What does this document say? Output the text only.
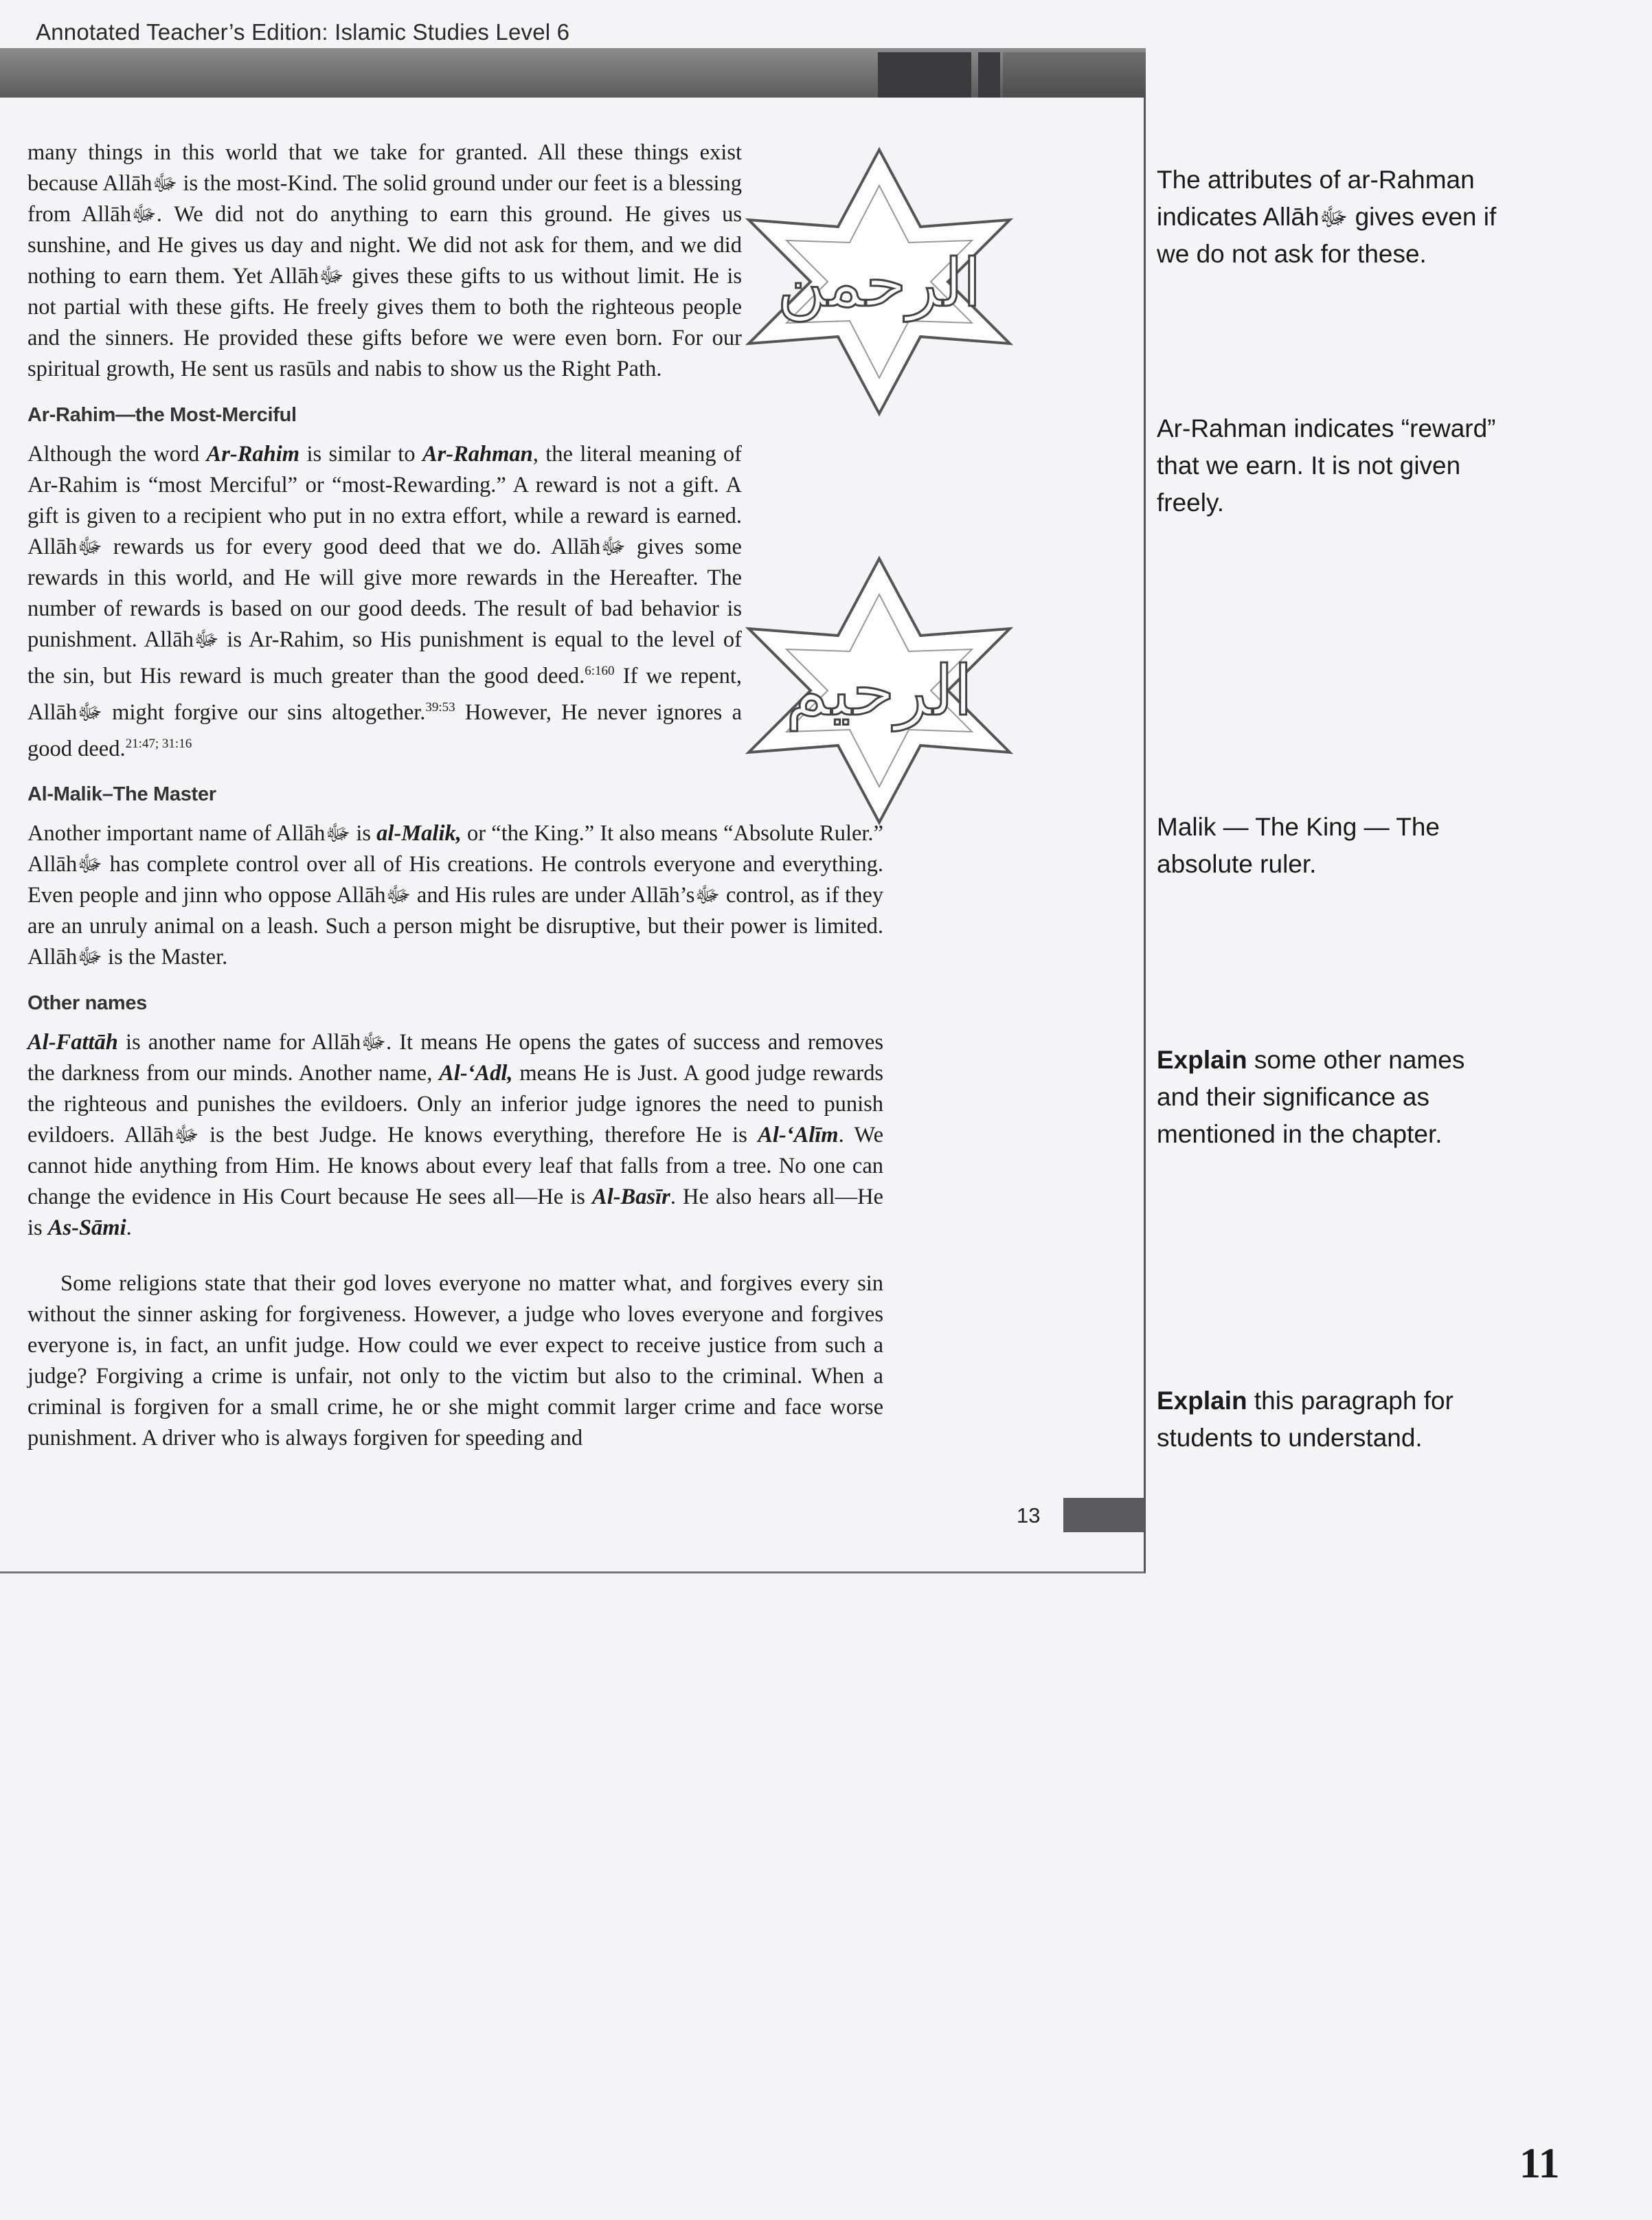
Annotated Teacher’s Edition: Islamic Studies Level 6

many things in this world that we take for granted. All these things exist because Allāhﷻ is the most-Kind. The solid ground under our feet is a blessing from Allāhﷻ. We did not do anything to earn this ground. He gives us sunshine, and He gives us day and night. We did not ask for them, and we did nothing to earn them. Yet Allāhﷻ gives these gifts to us without limit. He is not partial with these gifts. He freely gives them to both the righteous people and the sinners. He provided these gifts before we were even born. For our spiritual growth, He sent us rasūls and nabis to show us the Right Path.

Ar-Rahim—the Most-Merciful

Although the word Ar-Rahim is similar to Ar-Rahman, the literal meaning of Ar-Rahim is “most Merciful” or “most-Rewarding.” A reward is not a gift. A gift is given to a recipient who put in no extra effort, while a reward is earned. Allāhﷻ rewards us for every good deed that we do. Allāhﷻ gives some rewards in this world, and He will give more rewards in the Hereafter. The number of rewards is based on our good deeds. The result of bad behavior is punishment. Allāhﷻ is Ar-Rahim, so His punishment is equal to the level of the sin, but His reward is much greater than the good deed.$^{6:160}$ If we repent, Allāhﷻ might forgive our sins altogether.$^{39:53}$ However, He never ignores a good deed.$^{21:47; 31:16}$

Al-Malik–The Master

Another important name of Allāhﷻ is al-Malik, or “the King.” It also means “Absolute Ruler.” Allāhﷻ has complete control over all of His creations. He controls everyone and everything. Even people and jinn who oppose Allāhﷻ and His rules are under Allāh’sﷻ control, as if they are an unruly animal on a leash. Such a person might be disruptive, but their power is limited. Allāhﷻ is the Master.

Other names

Al-Fattāh is another name for Allāhﷻ. It means He opens the gates of success and removes the darkness from our minds. Another name, Al-‘Adl, means He is Just. A good judge rewards the righteous and punishes the evildoers. Only an inferior judge ignores the need to punish evildoers. Allāhﷻ is the best Judge. He knows everything, therefore He is Al-‘Alīm. We cannot hide anything from Him. He knows about every leaf that falls from a tree. No one can change the evidence in His Court because He sees all—He is Al-Basīr. He also hears all—He is As-Sāmi.

Some religions state that their god loves everyone no matter what, and forgives every sin without the sinner asking for forgiveness. However, a judge who loves everyone and forgives everyone is, in fact, an unfit judge. How could we ever expect to receive justice from such a judge? Forgiving a crime is unfair, not only to the victim but also to the criminal. When a criminal is forgiven for a small crime, he or she might commit larger crime and face worse punishment. A driver who is always forgiven for speeding and

الرحمن
الرحيم
The attributes of ar-Rahman indicates Allāhﷻ gives even if we do not ask for these.
Ar-Rahman indicates “reward” that we earn. It is not given freely.
Malik — The King — The absolute ruler.
Explain some other names and their significance as mentioned in the chapter.
Explain this paragraph for students to understand.
13
11
